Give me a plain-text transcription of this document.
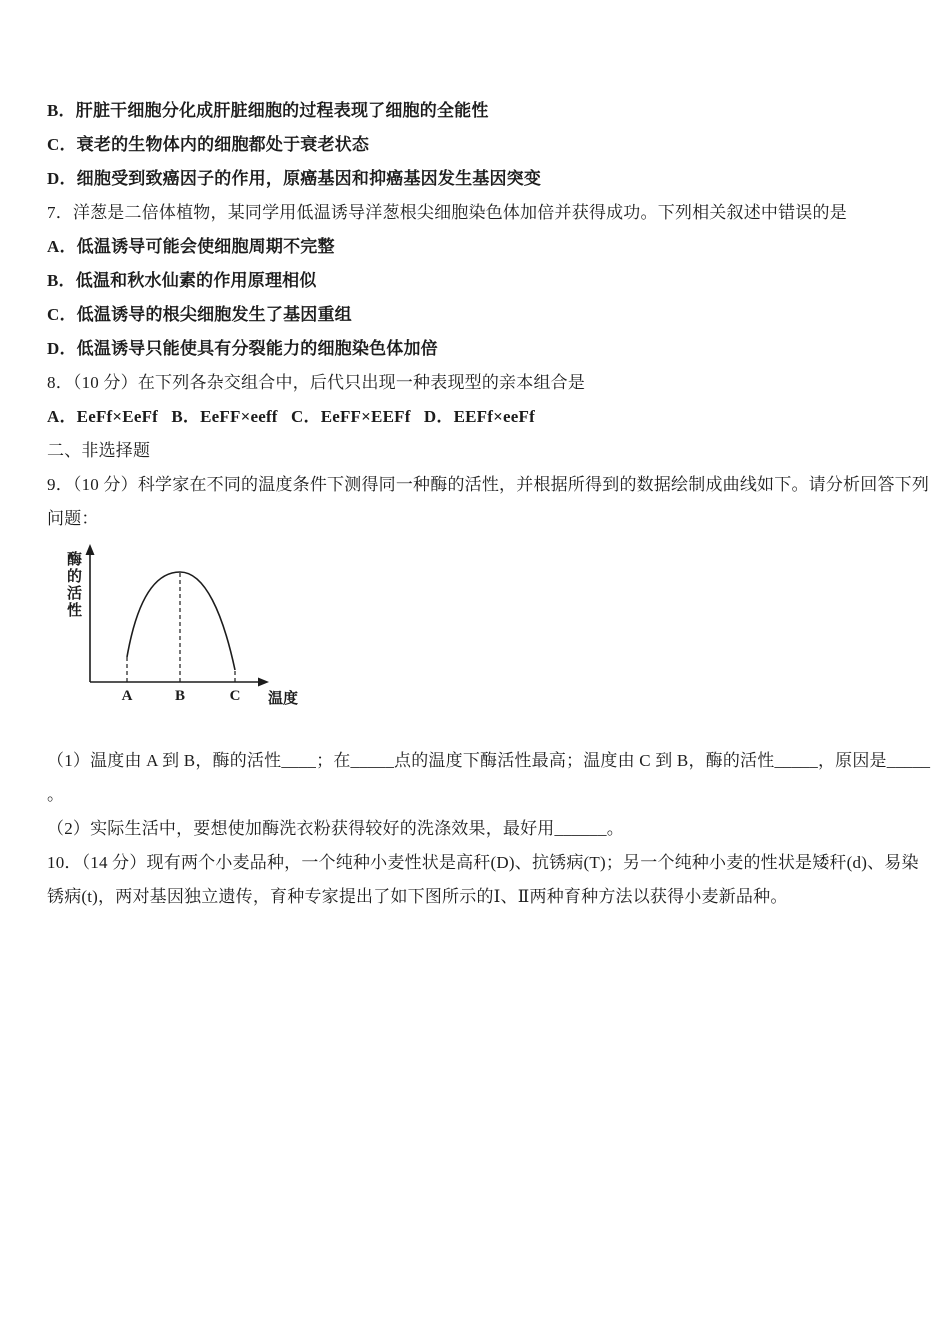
B．肝脏干细胞分化成肝脏细胞的过程表现了细胞的全能性

C．衰老的生物体内的细胞都处于衰老状态

D．细胞受到致癌因子的作用，原癌基因和抑癌基因发生基因突变

7．洋葱是二倍体植物，某同学用低温诱导洋葱根尖细胞染色体加倍并获得成功。下列相关叙述中错误的是

A．低温诱导可能会使细胞周期不完整

B．低温和秋水仙素的作用原理相似

C．低温诱导的根尖细胞发生了基因重组

D．低温诱导只能使具有分裂能力的细胞染色体加倍

8．（10 分）在下列各杂交组合中，后代只出现一种表现型的亲本组合是

A．EeFf×EeFf   B．EeFF×eeff   C．EeFF×EEFf   D．EEFf×eeFf

二、非选择题

9．（10 分）科学家在不同的温度条件下测得同一种酶的活性，并根据所得到的数据绘制成曲线如下。请分析回答下列

问题：

酶
的
活
性
A	B	C 温度

（1）温度由 A 到 B，酶的活性____；在_____点的温度下酶活性最高；温度由 C 到 B，酶的活性_____，原因是_____

。

（2）实际生活中，要想使加酶洗衣粉获得较好的洗涤效果，最好用______。

10．（14 分）现有两个小麦品种，一个纯种小麦性状是高秆(D)、抗锈病(T)；另一个纯种小麦的性状是矮秆(d)、易染

锈病(t)，两对基因独立遗传，育种专家提出了如下图所示的Ⅰ、Ⅱ两种育种方法以获得小麦新品种。
